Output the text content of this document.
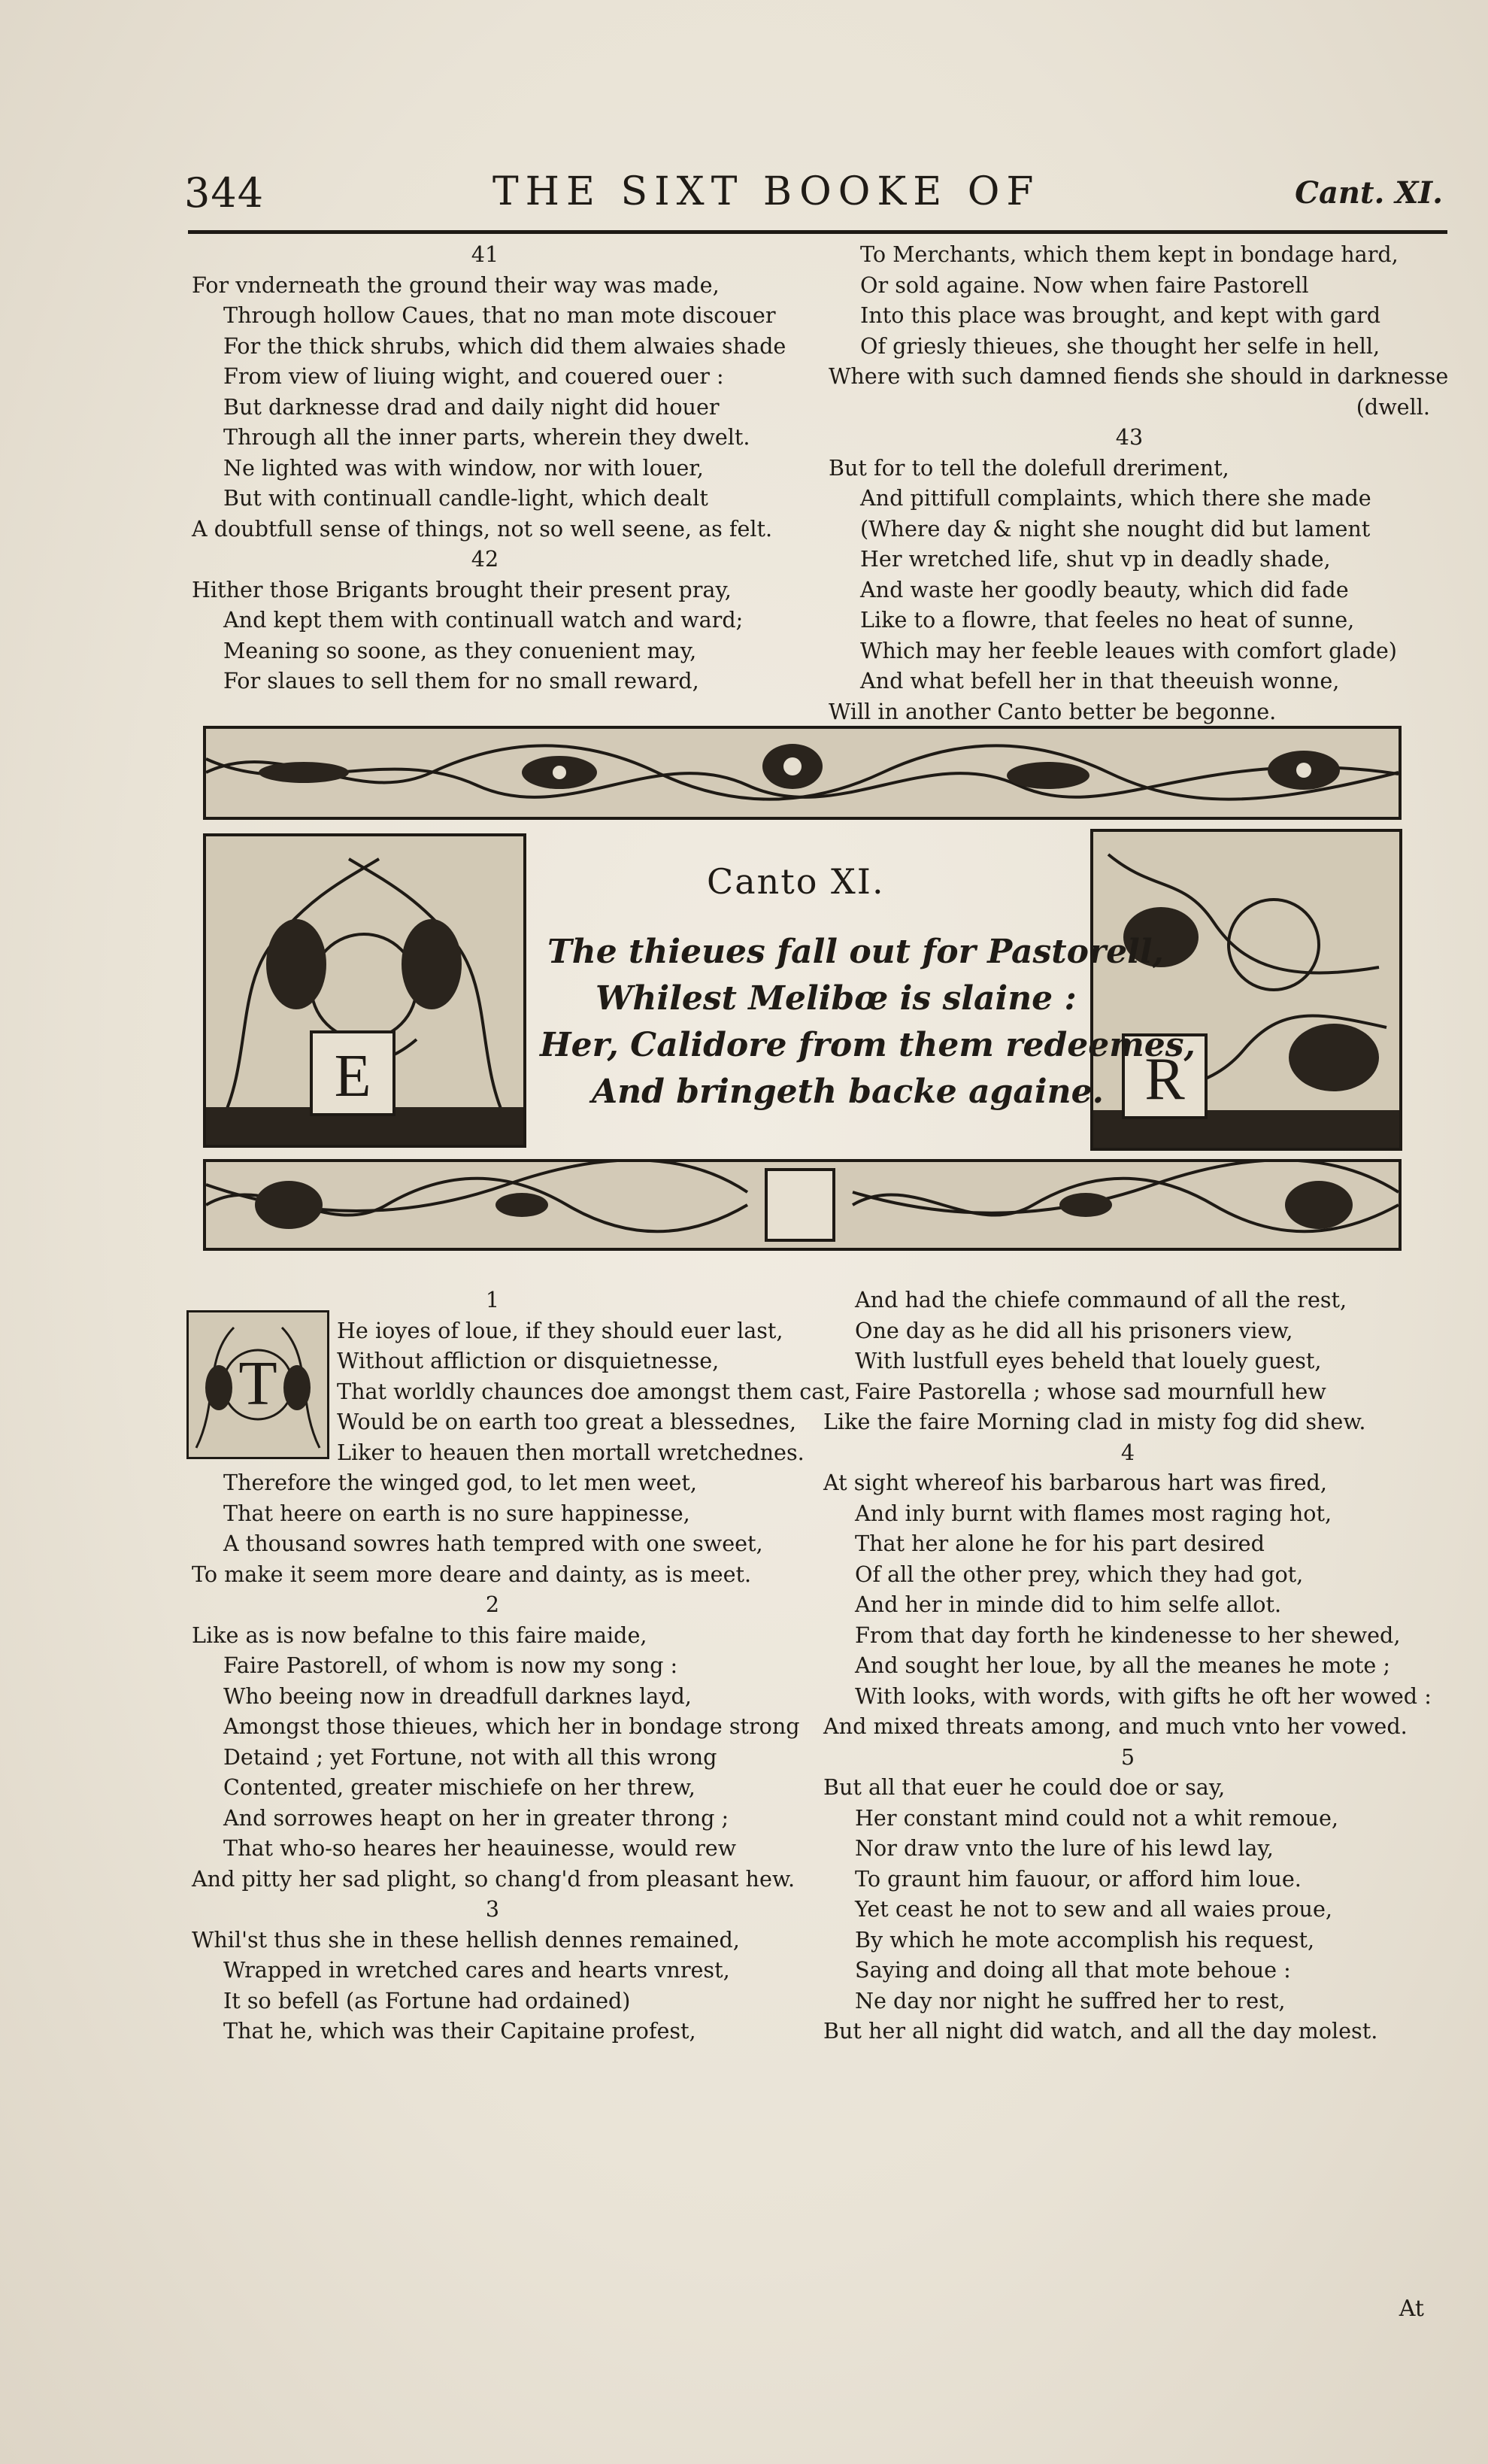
344	THE SIXT BOOKE OF	Cant. XI.
41
For vnderneath the ground their way was made,
Through hollow Caues, that no man mote discouer
For the thick shrubs, which did them alwaies shade
From view of liuing wight, and couered ouer :
But darknesse drad and daily night did houer
Through all the inner parts, wherein they dwelt.
Ne lighted was with window, nor with louer,
But with continuall candle-light, which dealt
A doubtfull sense of things, not so well seene, as felt.
42
Hither those Brigants brought their present pray,
And kept them with continuall watch and ward;
Meaning so soone, as they conuenient may,
For slaues to sell them for no small reward,
To Merchants, which them kept in bondage hard,
Or sold againe. Now when faire Pastorell
Into this place was brought, and kept with gard
Of griesly thieues, she thought her selfe in hell,
Where with such damned fiends she should in darknesse
(dwell.
43
But for to tell the dolefull dreriment,
And pittifull complaints, which there she made
(Where day & night she nought did but lament
Her wretched life, shut vp in deadly shade,
And waste her goodly beauty, which did fade
Like to a flowre, that feeles no heat of sunne,
Which may her feeble leaues with comfort glade)
And what befell her in that theeuish wonne,
Will in another Canto better be begonne.
E	R
Canto XI.
The thieues fall out for Pastorell,
Whilest Melibœ is slaine :
Her, Calidore from them redeemes,
And bringeth backe againe.
T
1
He ioyes of loue, if they should euer last,
Without affliction or disquietnesse,
That worldly chaunces doe amongst them cast,
Would be on earth too great a blessednes,
Liker to heauen then mortall wretchednes.
Therefore the winged god, to let men weet,
That heere on earth is no sure happinesse,
A thousand sowres hath tempred with one sweet,
To make it seem more deare and dainty, as is meet.
2
Like as is now befalne to this faire maide,
Faire Pastorell, of whom is now my song :
Who beeing now in dreadfull darknes layd,
Amongst those thieues, which her in bondage strong
Detaind ; yet Fortune, not with all this wrong
Contented, greater mischiefe on her threw,
And sorrowes heapt on her in greater throng ;
That who-so heares her heauinesse, would rew
And pitty her sad plight, so chang'd from pleasant hew.
3
Whil'st thus she in these hellish dennes remained,
Wrapped in wretched cares and hearts vnrest,
It so befell (as Fortune had ordained)
That he, which was their Capitaine profest,
And had the chiefe commaund of all the rest,
One day as he did all his prisoners view,
With lustfull eyes beheld that louely guest,
Faire Pastorella ; whose sad mournfull hew
Like the faire Morning clad in misty fog did shew.
4
At sight whereof his barbarous hart was fired,
And inly burnt with flames most raging hot,
That her alone he for his part desired
Of all the other prey, which they had got,
And her in minde did to him selfe allot.
From that day forth he kindenesse to her shewed,
And sought her loue, by all the meanes he mote ;
With looks, with words, with gifts he oft her wowed :
And mixed threats among, and much vnto her vowed.
5
But all that euer he could doe or say,
Her constant mind could not a whit remoue,
Nor draw vnto the lure of his lewd lay,
To graunt him fauour, or afford him loue.
Yet ceast he not to sew and all waies proue,
By which he mote accomplish his request,
Saying and doing all that mote behoue :
Ne day nor night he suffred her to rest,
But her all night did watch, and all the day molest.
At
